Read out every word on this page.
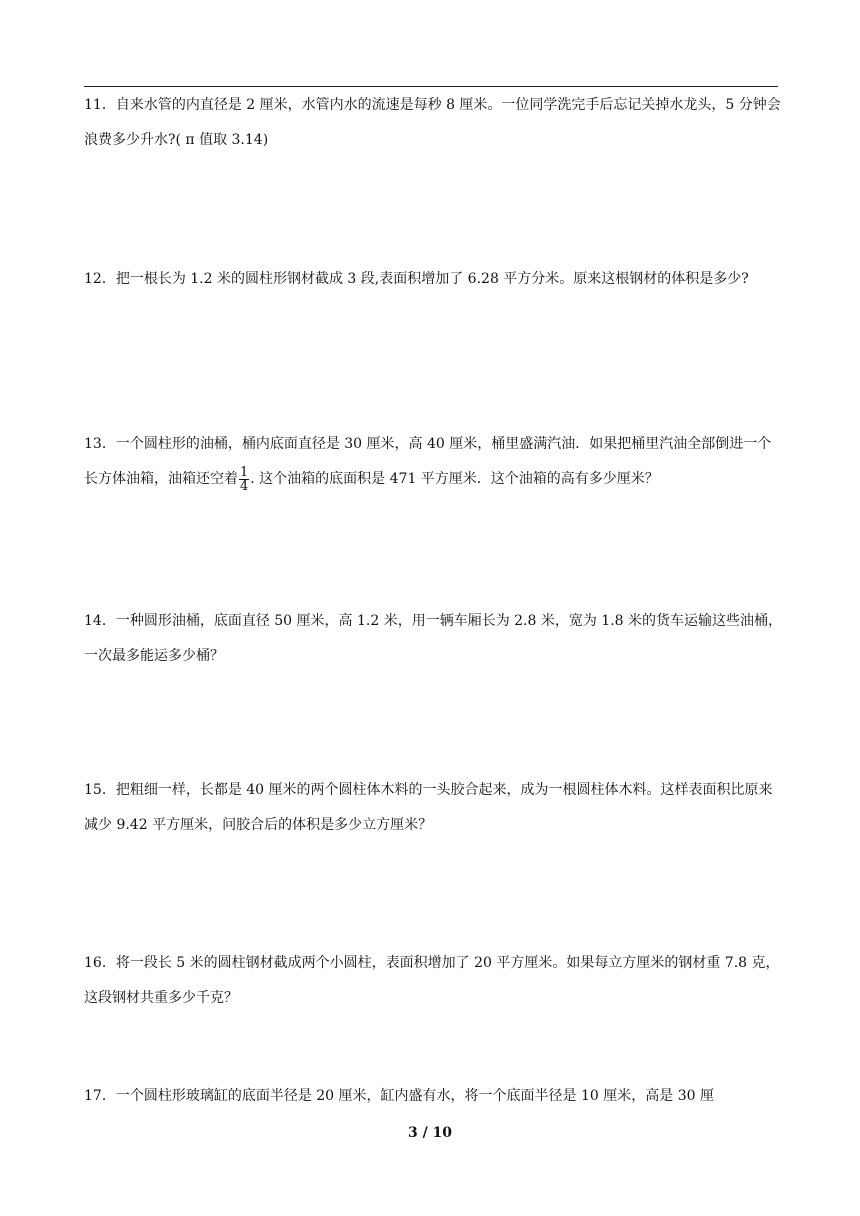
11．自来水管的内直径是 2 厘米，水管内水的流速是每秒 8 厘米。一位同学洗完手后忘记关掉水龙头，5 分钟会浪费多少升水?( π 值取 3.14)

12．把一根长为 1.2 米的圆柱形钢材截成 3 段,表面积增加了 6.28 平方分米。原来这根钢材的体积是多少?

13．一个圆柱形的油桶，桶内底面直径是 30 厘米，高 40 厘米，桶里盛满汽油．如果把桶里汽油全部倒进一个长方体油箱，油箱还空着 $\frac{1}{4}$ . 这个油箱的底面积是 471 平方厘米．这个油箱的高有多少厘米？

14．一种圆形油桶，底面直径 50 厘米，高 1.2 米，用一辆车厢长为 2.8 米，宽为 1.8 米的货车运输这些油桶，一次最多能运多少桶？

15．把粗细一样，长都是 40 厘米的两个圆柱体木料的一头胶合起来，成为一根圆柱体木料。这样表面积比原来减少 9.42 平方厘米，问胶合后的体积是多少立方厘米？

16．将一段长 5 米的圆柱钢材截成两个小圆柱，表面积增加了 20 平方厘米。如果每立方厘米的钢材重 7.8 克，这段钢材共重多少千克？

17．一个圆柱形玻璃缸的底面半径是 20 厘米，缸内盛有水，将一个底面半径是 10 厘米，高是 30 厘

3 / 10
